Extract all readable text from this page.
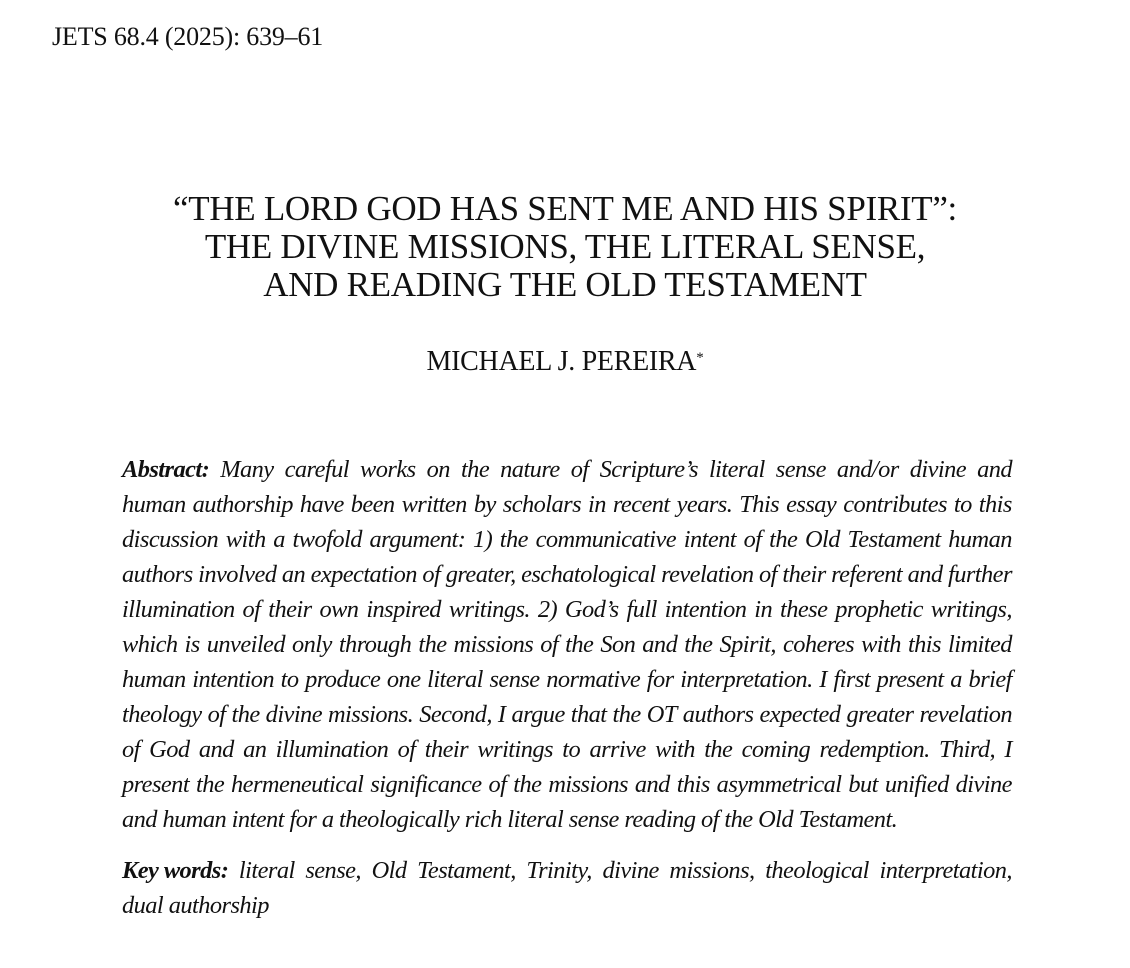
JETS 68.4 (2025): 639–61
“THE LORD GOD HAS SENT ME AND HIS SPIRIT”:
THE DIVINE MISSIONS, THE LITERAL SENSE,
AND READING THE OLD TESTAMENT
MICHAEL J. PEREIRA*
Abstract: Many careful works on the nature of Scripture’s literal sense and/or divine and
human authorship have been written by scholars in recent years. This essay contributes to this
discussion with a twofold argument: 1) the communicative intent of the Old Testament human
authors involved an expectation of greater, eschatological revelation of their referent and further
illumination of their own inspired writings. 2) God’s full intention in these prophetic writings,
which is unveiled only through the missions of the Son and the Spirit, coheres with this limited
human intention to produce one literal sense normative for interpretation. I first present a brief
theology of the divine missions. Second, I argue that the OT authors expected greater revelation
of God and an illumination of their writings to arrive with the coming redemption. Third, I
present the hermeneutical significance of the missions and this asymmetrical but unified divine
and human intent for a theologically rich literal sense reading of the Old Testament.
Key words: literal sense, Old Testament, Trinity, divine missions, theological interpretation,
dual authorship
